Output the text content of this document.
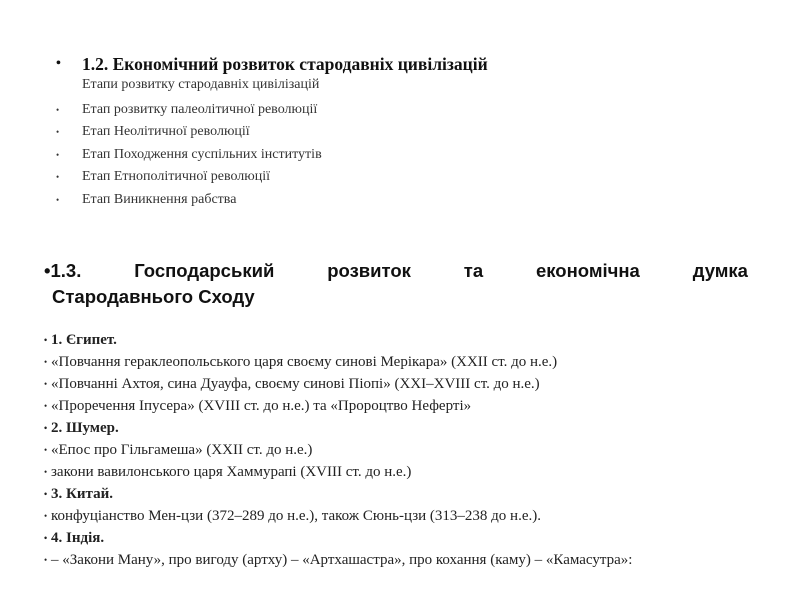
• 1.2. Економічний розвиток стародавніх цивілізацій
Етапи розвитку стародавніх цивілізацій
• Етап розвитку палеолітичної революції
• Етап Неолітичної революції
• Етап Походження суспільних інститутів
• Етап Етнополітичної революції
• Етап Виникнення рабства
•1.3.	Господарський	розвиток	та	економічна	думка
Стародавнього Сходу
• 1. Єгипет.
• «Повчання гераклеопольського царя своєму синові Мерікара» (XXII ст. до н.е.)
• «Повчанні Ахтоя, сина Дуауфа, своєму синові Піопі» (XXI–XVIII ст. до н.е.)
• «Проречення Іпусера» (XVIII ст. до н.е.) та «Пророцтво Неферті»
• 2. Шумер.
• «Епос про Гільгамеша» (XXII ст. до н.е.)
• закони вавилонського царя Хаммурапі (XVIII ст. до н.е.)
• 3. Китай.
• конфуціанство Мен-цзи (372–289 до н.е.), також Сюнь-цзи (313–238 до н.е.).
• 4. Індія.
• – «Закони Ману», про вигоду (артху) – «Артхашастра», про кохання (каму) – «Камасутра»:
